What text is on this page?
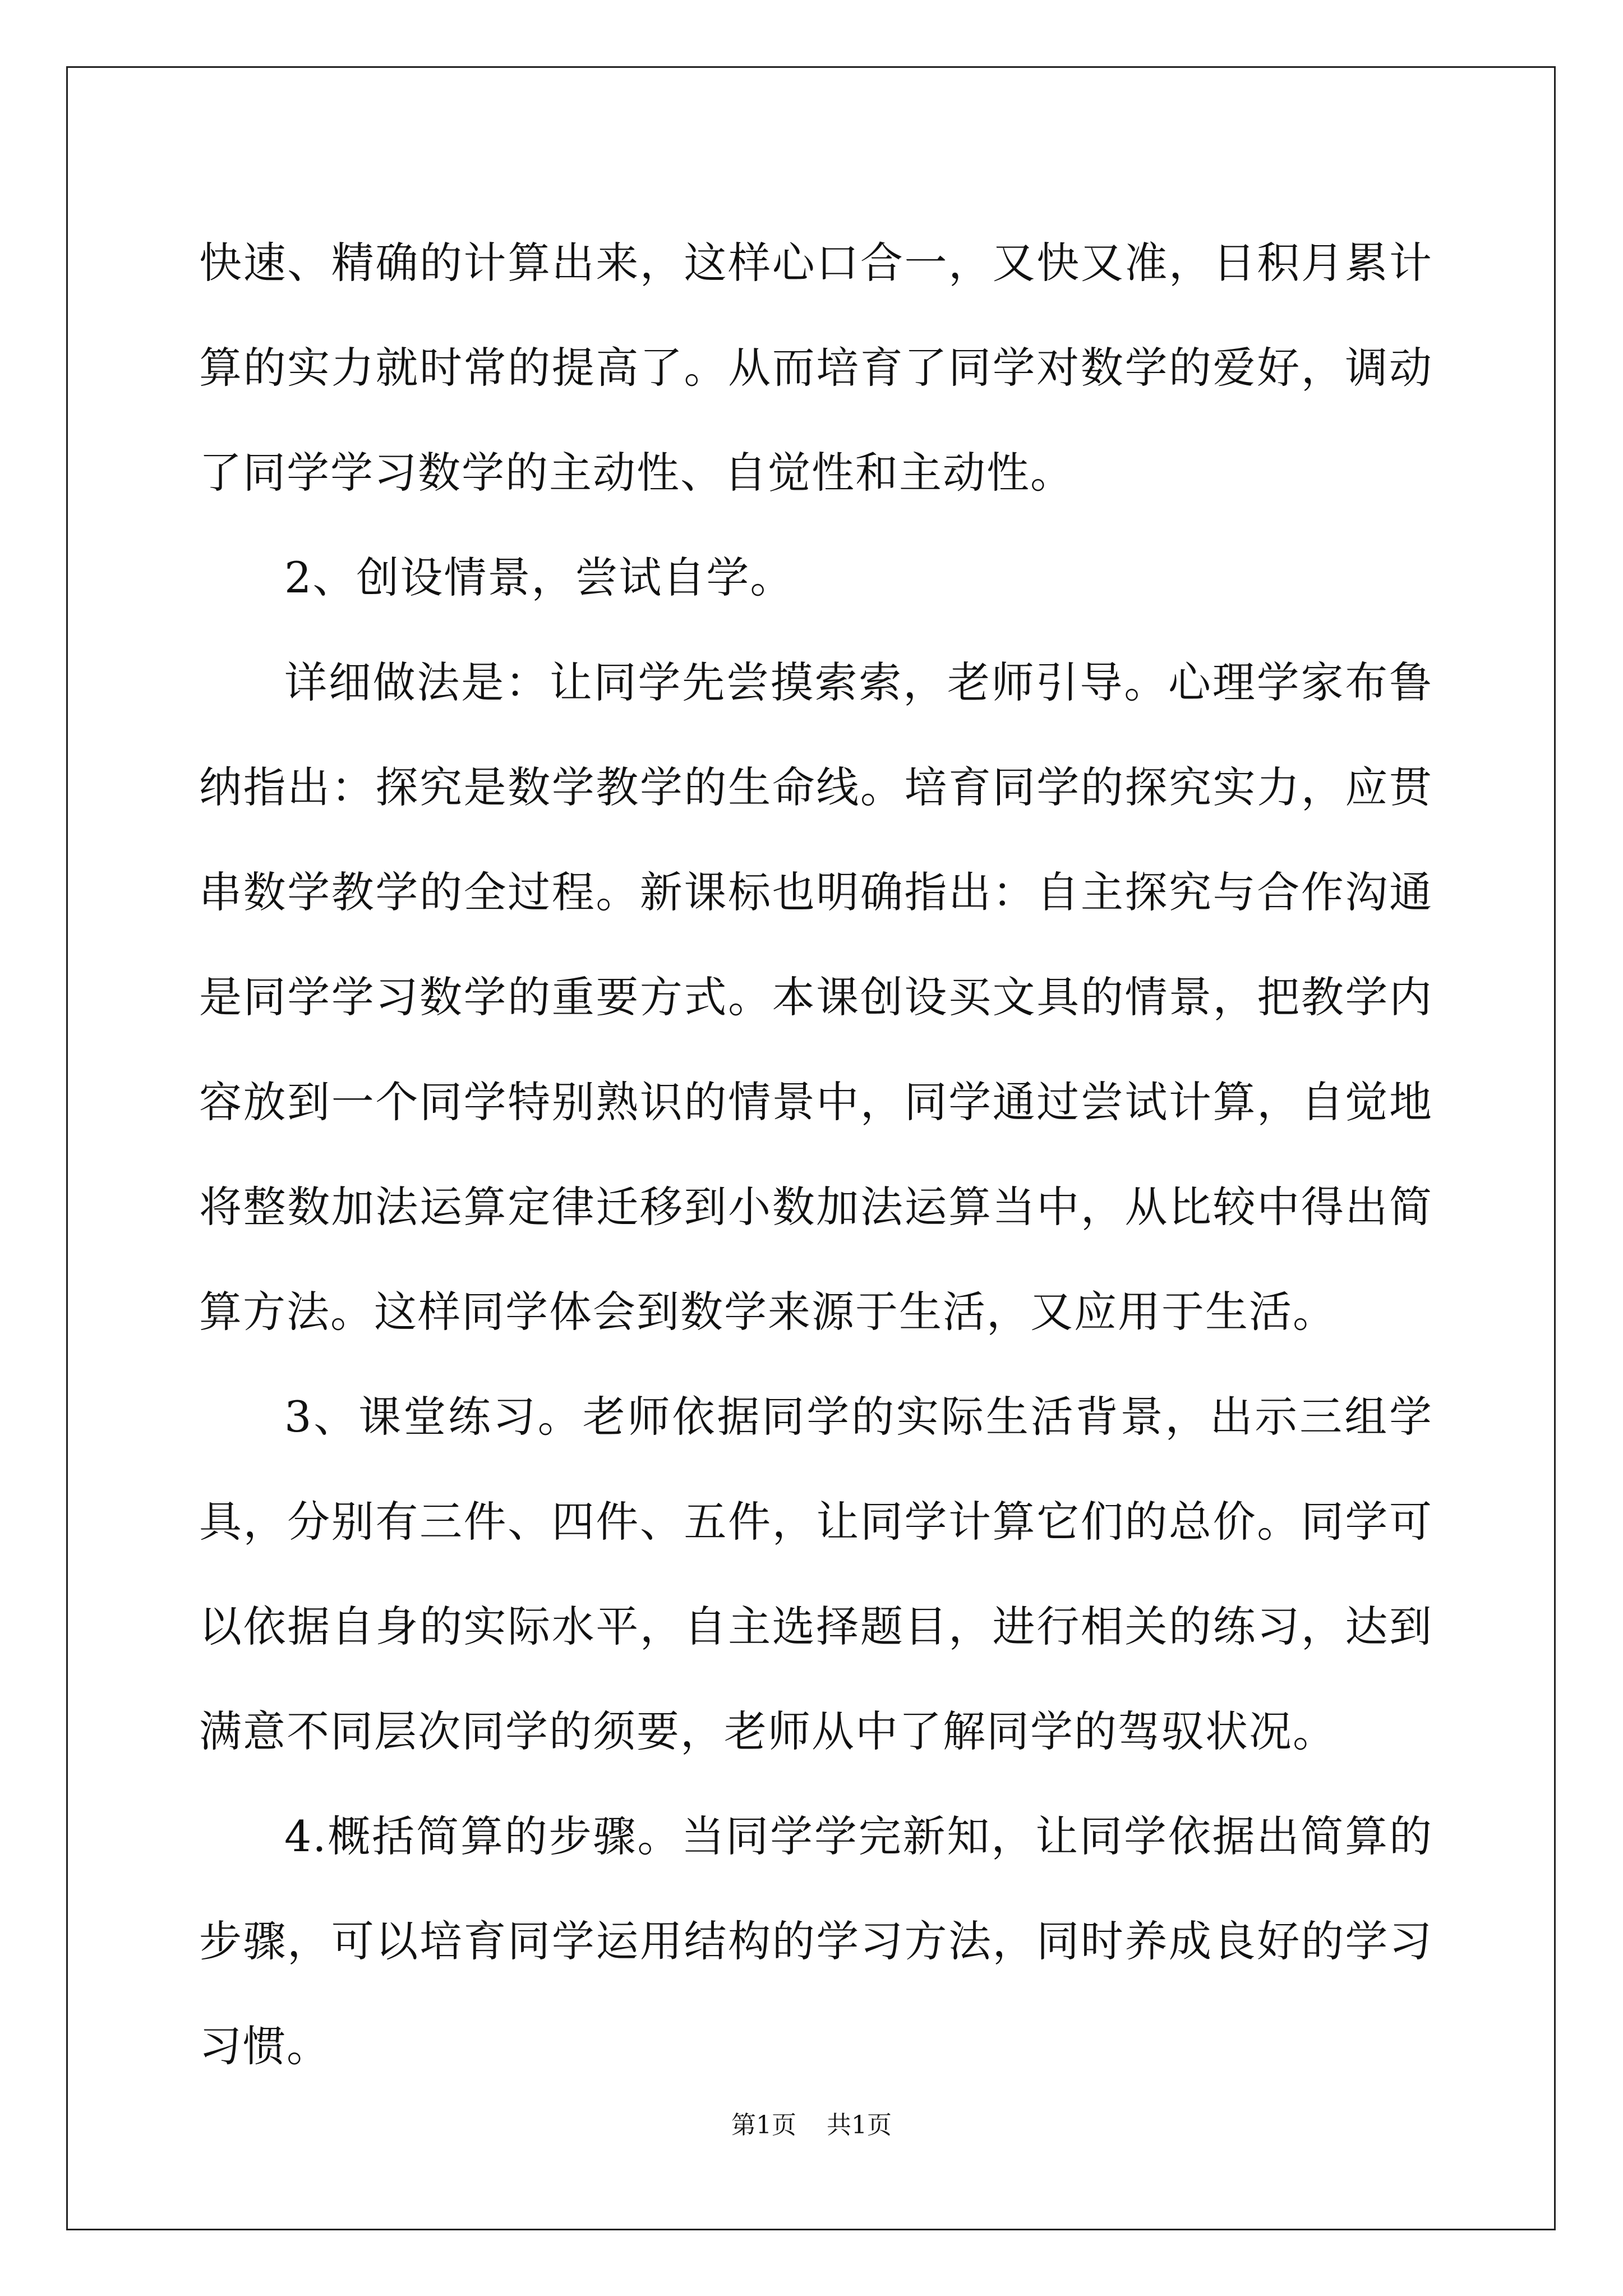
快速、精确的计算出来，这样心口合一，又快又准，日积月累计算的实力就时常的提高了。从而培育了同学对数学的爱好，调动了同学学习数学的主动性、自觉性和主动性。

2、创设情景，尝试自学。

详细做法是：让同学先尝摸索索，老师引导。心理学家布鲁纳指出：探究是数学教学的生命线。培育同学的探究实力，应贯串数学教学的全过程。新课标也明确指出：自主探究与合作沟通是同学学习数学的重要方式。本课创设买文具的情景，把教学内容放到一个同学特别熟识的情景中，同学通过尝试计算，自觉地将整数加法运算定律迁移到小数加法运算当中，从比较中得出简算方法。这样同学体会到数学来源于生活，又应用于生活。

3、课堂练习。老师依据同学的实际生活背景，出示三组学具，分别有三件、四件、五件，让同学计算它们的总价。同学可以依据自身的实际水平，自主选择题目，进行相关的练习，达到满意不同层次同学的须要，老师从中了解同学的驾驭状况。

4.概括简算的步骤。当同学学完新知，让同学依据出简算的步骤，可以培育同学运用结构的学习方法，同时养成良好的学习习惯。

第1页 共1页
